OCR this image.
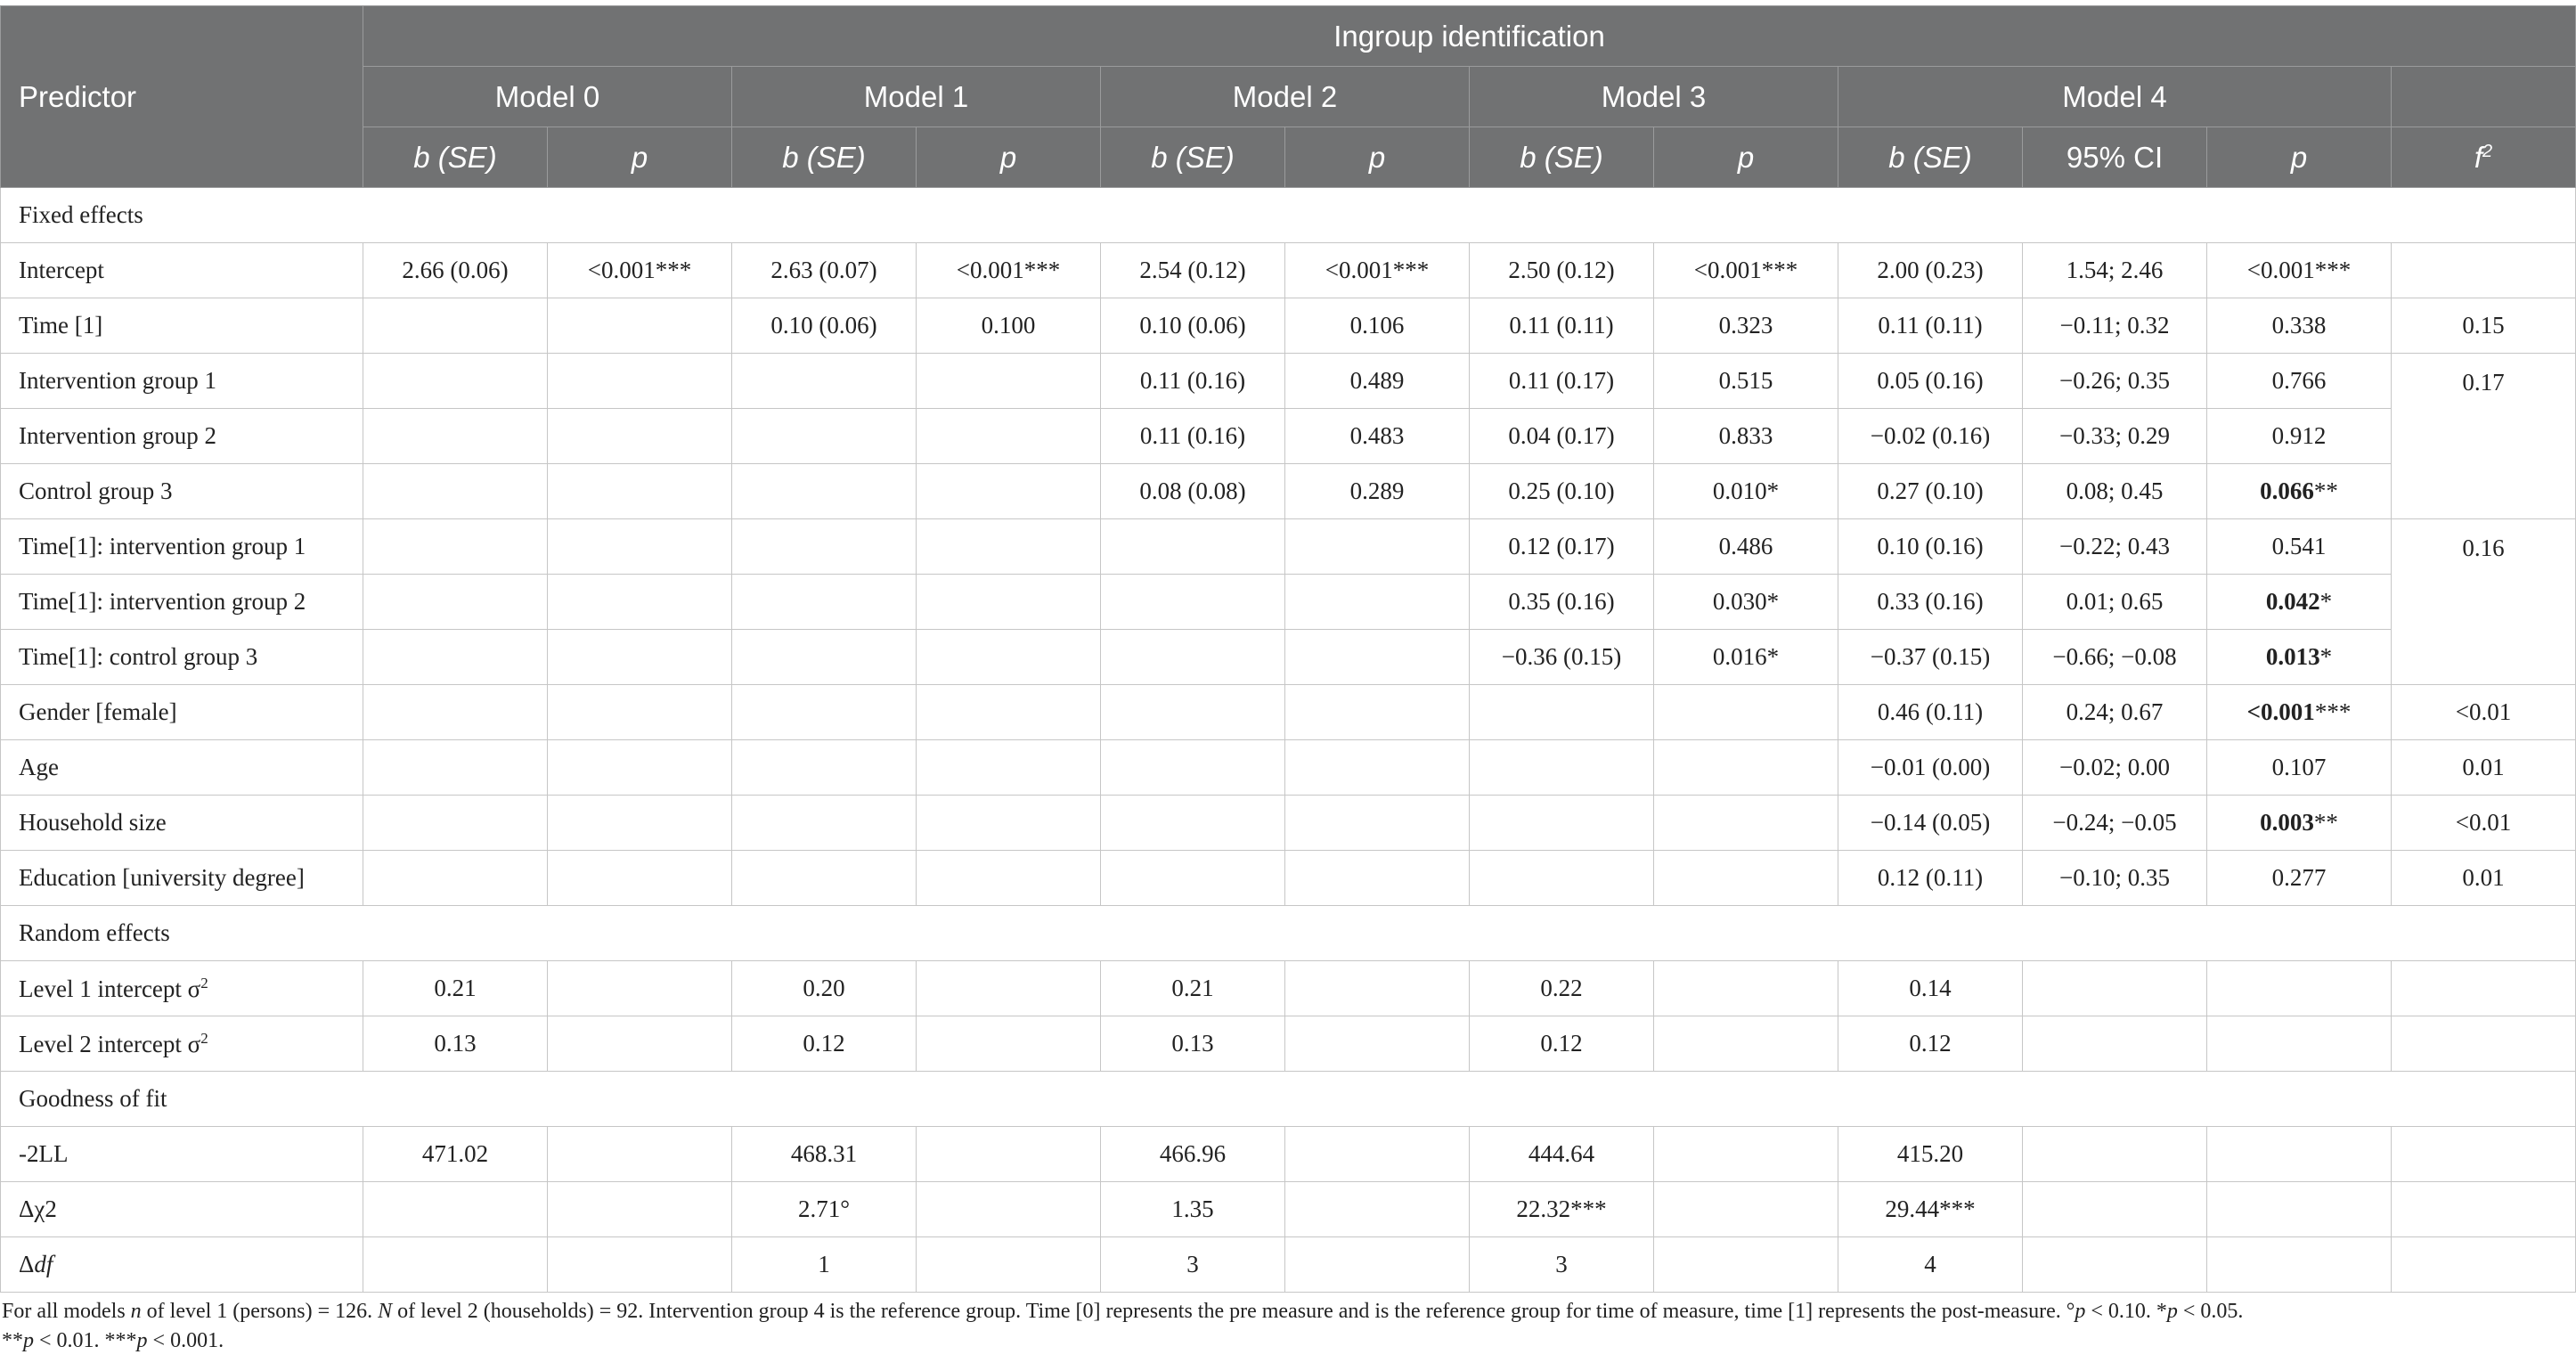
Predictor	Ingroup identification											
	Model 0		Model 1		Model 2		Model 3		Model 4			
	b (SE)	p	b (SE)	p	b (SE)	p	b (SE)	p	b (SE)	95% CI	p	$f^2$
Fixed effects												
Intercept	2.66 (0.06)	<0.001***	2.63 (0.07)	<0.001***	2.54 (0.12)	<0.001***	2.50 (0.12)	<0.001***	2.00 (0.23)	1.54; 2.46	<0.001***	
Time [1]			0.10 (0.06)	0.100	0.10 (0.06)	0.106	0.11 (0.11)	0.323	0.11 (0.11)	−0.11; 0.32	0.338	0.15
Intervention group 1					0.11 (0.16)	0.489	0.11 (0.17)	0.515	0.05 (0.16)	−0.26; 0.35	0.766	0.17
Intervention group 2					0.11 (0.16)	0.483	0.04 (0.17)	0.833	−0.02 (0.16)	−0.33; 0.29	0.912	
Control group 3					0.08 (0.08)	0.289	0.25 (0.10)	0.010*	0.27 (0.10)	0.08; 0.45	0.066**	
Time[1]: intervention group 1							0.12 (0.17)	0.486	0.10 (0.16)	−0.22; 0.43	0.541	0.16
Time[1]: intervention group 2							0.35 (0.16)	0.030*	0.33 (0.16)	0.01; 0.65	0.042*	
Time[1]: control group 3							−0.36 (0.15)	0.016*	−0.37 (0.15)	−0.66; −0.08	0.013*	
Gender [female]									0.46 (0.11)	0.24; 0.67	<0.001***	<0.01
Age									−0.01 (0.00)	−0.02; 0.00	0.107	0.01
Household size									−0.14 (0.05)	−0.24; −0.05	0.003**	<0.01
Education [university degree]									0.12 (0.11)	−0.10; 0.35	0.277	0.01
Random effects												
Level 1 intercept $\sigma^2$	0.21		0.20		0.21		0.22		0.14			
Level 2 intercept $\sigma^2$	0.13		0.12		0.13		0.12		0.12			
Goodness of fit												
-2LL	471.02		468.31		466.96		444.64		415.20			
Δχ2			2.71°		1.35		22.32***		29.44***			
Δdf			1		3		3		4			
For all models n of level 1 (persons) = 126. N of level 2 (households) = 92. Intervention group 4 is the reference group. Time [0] represents the pre measure and is the reference group for time of measure, time [1] represents the post-measure. °p < 0.10. *p < 0.05.
**p < 0.01. ***p < 0.001.
